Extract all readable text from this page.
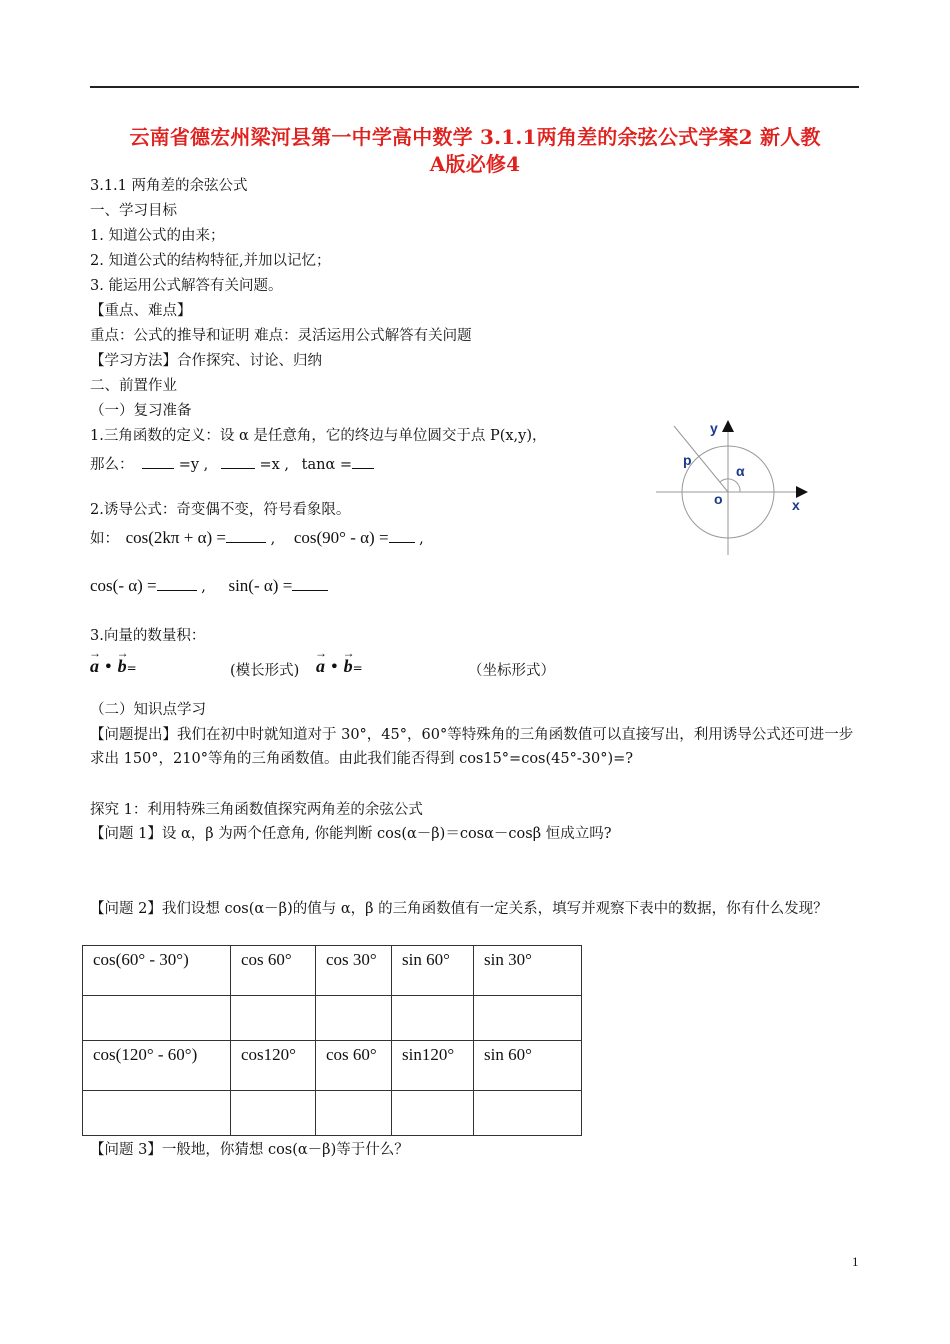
云南省德宏州梁河县第一中学高中数学 3.1.1两角差的余弦公式学案2 新人教
A版必修4
3.1.1 两角差的余弦公式
一、学习目标
1. 知道公式的由来；
2. 知道公式的结构特征,并加以记忆；
3. 能运用公式解答有关问题。
【重点、难点】
重点：公式的推导和证明 难点：灵活运用公式解答有关问题
【学习方法】合作探究、讨论、归纳
二、前置作业
（一）复习准备
1.三角函数的定义：设 α 是任意角，它的终边与单位圆交于点 P(x,y)，
那么：	=y ,	=x , tanα =
2.诱导公式：奇变偶不变，符号看象限。
如： cos(2kπ + α) =	, cos(90° - α) = ,
cos(- α) =	, sin(- α) =
3.向量的数量积：
→ a • → b=	(模长形式) → a • → b=	（坐标形式）
（二）知识点学习
【问题提出】我们在初中时就知道对于 30°，45°，60°等特殊角的三角函数值可以直接写出，利用诱导公式还可进一步求出 150°，210°等角的三角函数值。由此我们能否得到 cos15°=cos(45°-30°)=?
探究 1：利用特殊三角函数值探究两角差的余弦公式
【问题 1】设 α，β 为两个任意角, 你能判断 cos(α－β)＝cosα－cosβ 恒成立吗?
【问题 2】我们设想 cos(α－β)的值与 α，β 的三角函数值有一定关系，填写并观察下表中的数据，你有什么发现？
cos(60° - 30°)	cos 60°	cos 30°	sin 60°	sin 30°

cos(120° - 60°)	cos120°	cos 60°	sin120°	sin 60°

【问题 3】一般地，你猜想 cos(α－β)等于什么？
y
x
p
α
o
1
